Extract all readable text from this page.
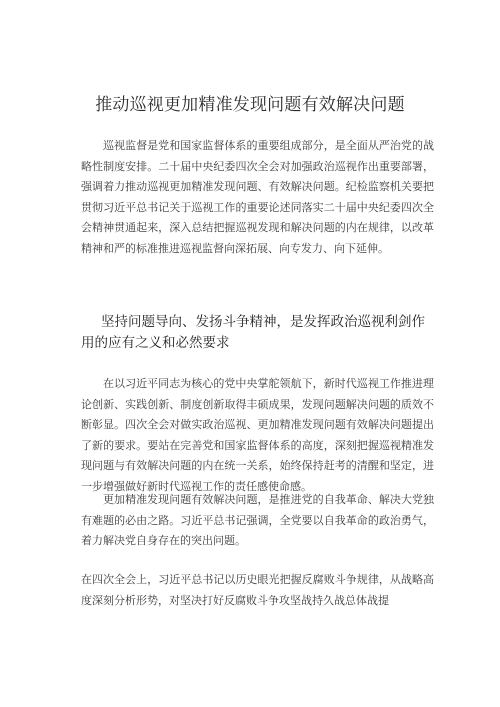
推动巡视更加精准发现问题有效解决问题

巡视监督是党和国家监督体系的重要组成部分，是全面从严治党的战略性制度安排。二十届中央纪委四次全会对加强政治巡视作出重要部署，强调着力推动巡视更加精准发现问题、有效解决问题。纪检监察机关要把贯彻习近平总书记关于巡视工作的重要论述同落实二十届中央纪委四次全会精神贯通起来，深入总结把握巡视发现和解决问题的内在规律，以改革精神和严的标准推进巡视监督向深拓展、向专发力、向下延伸。

坚持问题导向、发扬斗争精神，是发挥政治巡视利剑作用的应有之义和必然要求

在以习近平同志为核心的党中央掌舵领航下，新时代巡视工作推进理论创新、实践创新、制度创新取得丰硕成果，发现问题解决问题的质效不断彰显。四次全会对做实政治巡视、更加精准发现问题有效解决问题提出了新的要求。要站在完善党和国家监督体系的高度，深刻把握巡视精准发现问题与有效解决问题的内在统一关系，始终保持赶考的清醒和坚定，进一步增强做好新时代巡视工作的责任感使命感。

更加精准发现问题有效解决问题，是推进党的自我革命、解决大党独有难题的必由之路。习近平总书记强调，全党要以自我革命的政治勇气，着力解决党自身存在的突出问题。

在四次全会上，习近平总书记以历史眼光把握反腐败斗争规律，从战略高度深刻分析形势，对坚决打好反腐败斗争攻坚战持久战总体战提
